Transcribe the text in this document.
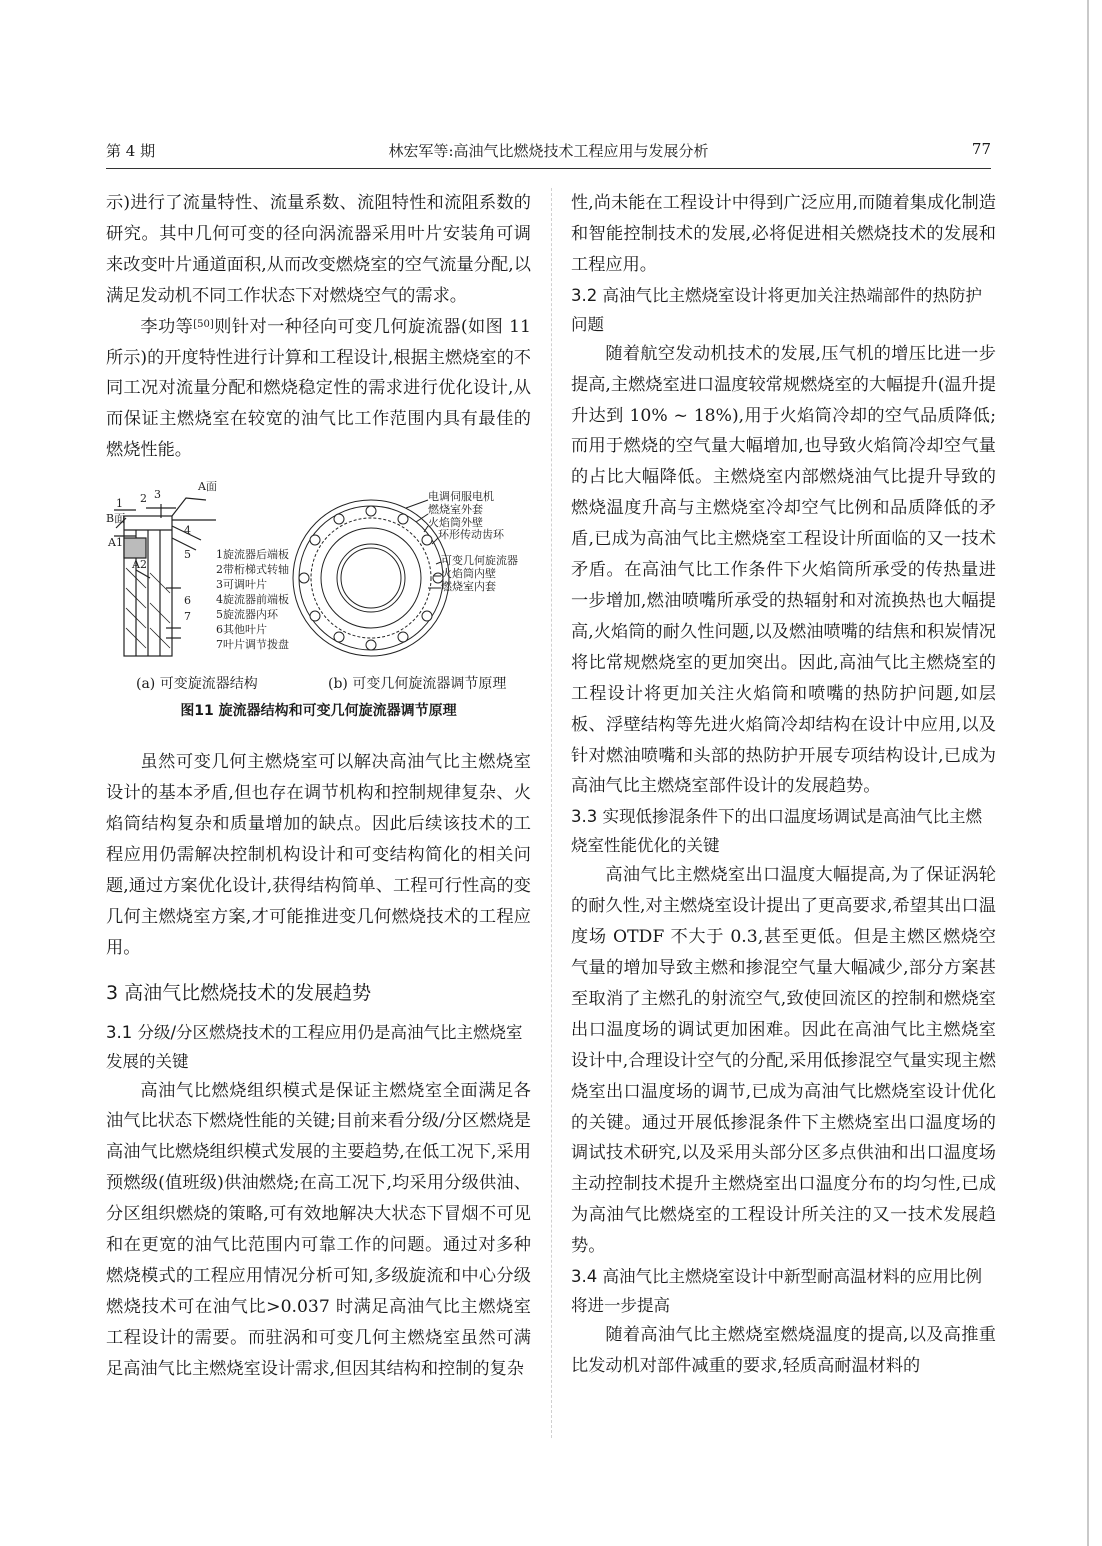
第 4 期	林宏军等:高油气比燃烧技术工程应用与发展分析	77

示)进行了流量特性、流量系数、流阻特性和流阻系数的研究。其中几何可变的径向涡流器采用叶片安装角可调来改变叶片通道面积,从而改变燃烧室的空气流量分配,以满足发动机不同工作状态下对燃烧空气的需求。

李功等[50]则针对一种径向可变几何旋流器(如图 11 所示)的开度特性进行计算和工程设计,根据主燃烧室的不同工况对流量分配和燃烧稳定性的需求进行优化设计,从而保证主燃烧室在较宽的油气比工作范围内具有最佳的燃烧性能。

A面
1 2 3
B面
A1
A2
4
5
6
7
1旋流器后端板
2带桁梯式转轴
3可调叶片
4旋流器前端板
5旋流器内环
6其他叶片
7叶片调节拨盘
电调伺服电机
燃烧室外套
火焰筒外壁
环形传动齿环
可变几何旋流器
火焰筒内壁
燃烧室内套
(a) 可变旋流器结构	(b) 可变几何旋流器调节原理
图11 旋流器结构和可变几何旋流器调节原理

虽然可变几何主燃烧室可以解决高油气比主燃烧室设计的基本矛盾,但也存在调节机构和控制规律复杂、火焰筒结构复杂和质量增加的缺点。因此后续该技术的工程应用仍需解决控制机构设计和可变结构简化的相关问题,通过方案优化设计,获得结构简单、工程可行性高的变几何主燃烧室方案,才可能推进变几何燃烧技术的工程应用。

3 高油气比燃烧技术的发展趋势
3.1 分级/分区燃烧技术的工程应用仍是高油气比主燃烧室发展的关键

高油气比燃烧组织模式是保证主燃烧室全面满足各油气比状态下燃烧性能的关键;目前来看分级/分区燃烧是高油气比燃烧组织模式发展的主要趋势,在低工况下,采用预燃级(值班级)供油燃烧;在高工况下,均采用分级供油、分区组织燃烧的策略,可有效地解决大状态下冒烟不可见和在更宽的油气比范围内可靠工作的问题。通过对多种燃烧模式的工程应用情况分析可知,多级旋流和中心分级燃烧技术可在油气比>0.037 时满足高油气比主燃烧室工程设计的需要。而驻涡和可变几何主燃烧室虽然可满足高油气比主燃烧室设计需求,但因其结构和控制的复杂

性,尚未能在工程设计中得到广泛应用,而随着集成化制造和智能控制技术的发展,必将促进相关燃烧技术的发展和工程应用。

3.2 高油气比主燃烧室设计将更加关注热端部件的热防护问题

随着航空发动机技术的发展,压气机的增压比进一步提高,主燃烧室进口温度较常规燃烧室的大幅提升(温升提升达到 10% ~ 18%),用于火焰筒冷却的空气品质降低;而用于燃烧的空气量大幅增加,也导致火焰筒冷却空气量的占比大幅降低。主燃烧室内部燃烧油气比提升导致的燃烧温度升高与主燃烧室冷却空气比例和品质降低的矛盾,已成为高油气比主燃烧室工程设计所面临的又一技术矛盾。在高油气比工作条件下火焰筒所承受的传热量进一步增加,燃油喷嘴所承受的热辐射和对流换热也大幅提高,火焰筒的耐久性问题,以及燃油喷嘴的结焦和积炭情况将比常规燃烧室的更加突出。因此,高油气比主燃烧室的工程设计将更加关注火焰筒和喷嘴的热防护问题,如层板、浮壁结构等先进火焰筒冷却结构在设计中应用,以及针对燃油喷嘴和头部的热防护开展专项结构设计,已成为高油气比主燃烧室部件设计的发展趋势。

3.3 实现低掺混条件下的出口温度场调试是高油气比主燃烧室性能优化的关键

高油气比主燃烧室出口温度大幅提高,为了保证涡轮的耐久性,对主燃烧室设计提出了更高要求,希望其出口温度场 OTDF 不大于 0.3,甚至更低。但是主燃区燃烧空气量的增加导致主燃和掺混空气量大幅减少,部分方案甚至取消了主燃孔的射流空气,致使回流区的控制和燃烧室出口温度场的调试更加困难。因此在高油气比主燃烧室设计中,合理设计空气的分配,采用低掺混空气量实现主燃烧室出口温度场的调节,已成为高油气比燃烧室设计优化的关键。通过开展低掺混条件下主燃烧室出口温度场的调试技术研究,以及采用头部分区多点供油和出口温度场主动控制技术提升主燃烧室出口温度分布的均匀性,已成为高油气比燃烧室的工程设计所关注的又一技术发展趋势。

3.4 高油气比主燃烧室设计中新型耐高温材料的应用比例将进一步提高

随着高油气比主燃烧室燃烧温度的提高,以及高推重比发动机对部件减重的要求,轻质高耐温材料的
